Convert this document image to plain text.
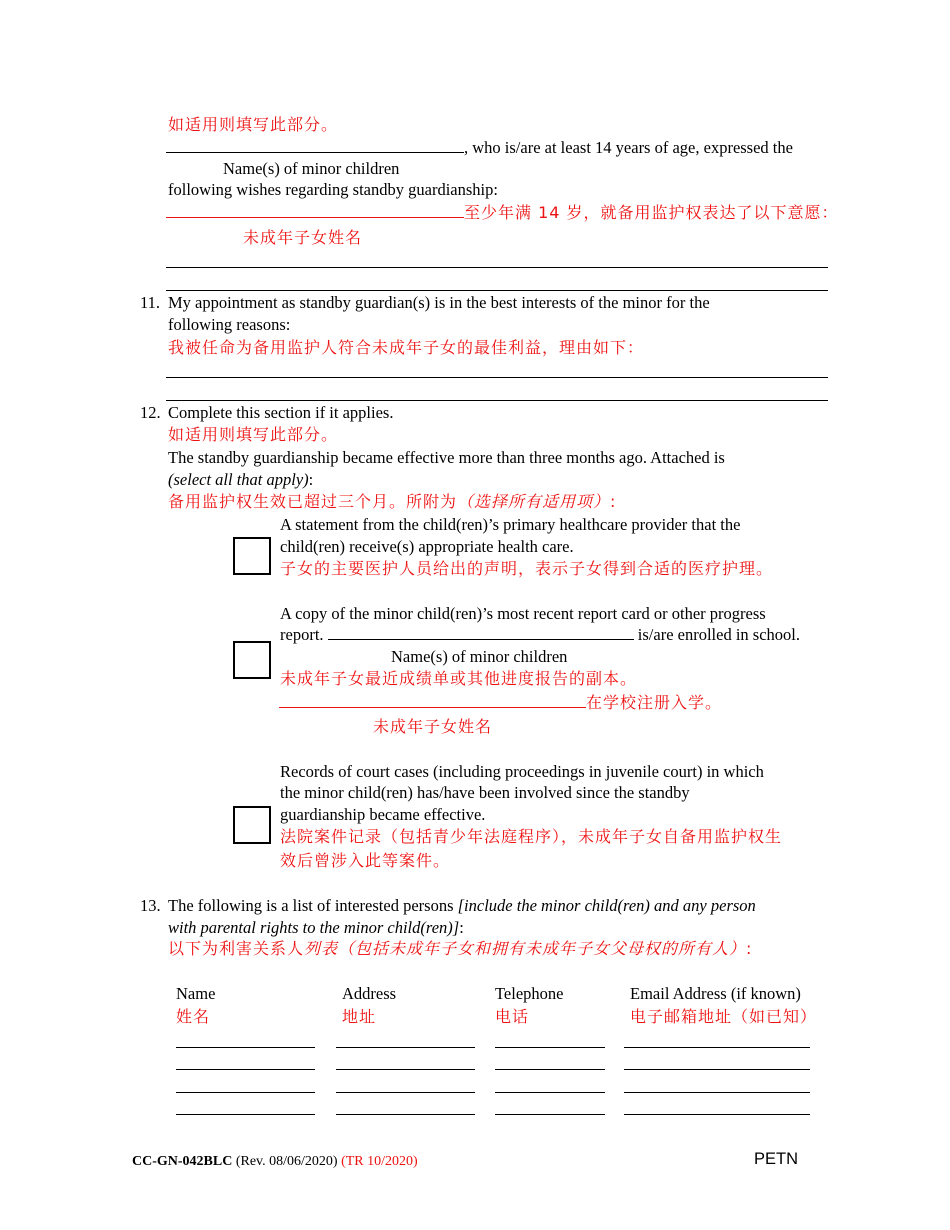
如适用则填写此部分。
, who is/are at least 14 years of age, expressed the
Name(s) of minor children
following wishes regarding standby guardianship:
至少年满 14 岁，就备用监护权表达了以下意愿：
未成年子女姓名
11. My appointment as standby guardian(s) is in the best interests of the minor for the
following reasons:
我被任命为备用监护人符合未成年子女的最佳利益，理由如下：
12. Complete this section if it applies.
如适用则填写此部分。
The standby guardianship became effective more than three months ago. Attached is
(select all that apply):
备用监护权生效已超过三个月。所附为（选择所有适用项）:
A statement from the child(ren)’s primary healthcare provider that the
child(ren) receive(s) appropriate health care.
子女的主要医护人员给出的声明，表示子女得到合适的医疗护理。
A copy of the minor child(ren)’s most recent report card or other progress
report.	is/are enrolled in school.
Name(s) of minor children
未成年子女最近成绩单或其他进度报告的副本。
在学校注册入学。
未成年子女姓名
Records of court cases (including proceedings in juvenile court) in which
the minor child(ren) has/have been involved since the standby
guardianship became effective.
法院案件记录（包括青少年法庭程序），未成年子女自备用监护权生
效后曾涉入此等案件。
13. The following is a list of interested persons [include the minor child(ren) and any person
with parental rights to the minor child(ren)]:
以下为利害关系人列表（包括未成年子女和拥有未成年子女父母权的所有人）:
Name	Address	Telephone	Email Address (if known)
姓名	地址	电话	电子邮箱地址（如已知）
CC-GN-042BLC (Rev. 08/06/2020) (TR 10/2020)	PETN
